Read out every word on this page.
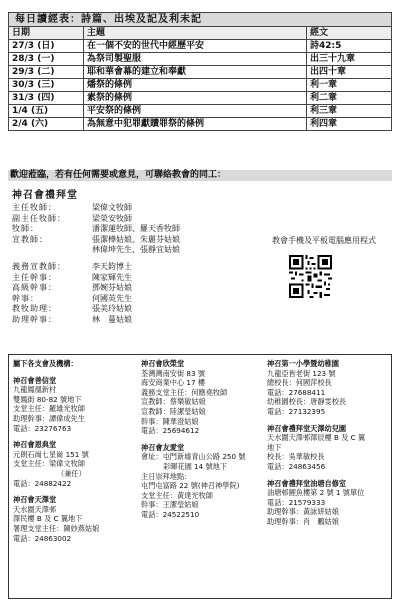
每日讀經表：詩篇、出埃及記及利未記
日期	主題	經文
27/3 (日)	在一個不安的世代中經歷平安	詩42:5
28/3 (一)	為祭司製聖服	出三十九章
29/3 (二)	耶和華會幕的建立和奉獻	出四十章
30/3 (三)	燔祭的條例	利一章
31/3 (四)	素祭的條例	利二章
1/4 (五)	平安祭的條例	利三章
2/4 (六)	為無意中犯罪獻贖罪祭的條例	利四章
歡迎蒞臨，若有任何需要或意見，可聯絡教會的同工：
神召會禮拜堂
主任牧師：	梁偉文牧師
副主任牧師：	梁榮安牧師
牧師：	潘潔蓮牧師、羅天香牧師
宣教師：	張潔樺姑娘、朱麗芬姑娘
林偉坤先生、張靜宜姑娘
義務宣教師：	李天鈞博士
主任幹事：	陳家輝先生
高級幹事：	鄧婉芬姑娘
幹事：	何國英先生
教牧助理：	張美玲姑娘
助理幹事：	林　蔓姑娘
教會手機及平板電腦應用程式
屬下各支會及機構：
神召會善信堂
九龍鳳凰新村
雙鳳街 80-82 號地下
支堂主任：羅雄光牧師
助理幹事：譚偉成先生
電話：23276763
神召會恩典堂
元朗石崗七星崗 151 號
支堂主任：梁偉文牧師
（兼任）
電話：24882422
神召會天澤堂
天水圍天澤邨
澤民樓 B 及 C 翼地下
署理支堂主任：陳妙燕姑娘
電話：24863002
神召會欣榮堂
荃灣灣南安街 83 號
海安商業中心 17 樓
義務支堂主任：何應堯牧師
宣教師：蔡樂敏姑娘
宣教師：陸潔瑩姑娘
幹事：陳華澄姑娘
電話：25694612
神召會友愛堂
會址：屯門新墟青山公路 250 號
彩暉花園 14 號地下
主日崇拜地點：
屯門屯富路 22 號(神召神學院)
支堂主任：黃達光牧師
幹事：王潔瑩姑娘
電話：24522510
神召第一小學暨幼稚園
九龍亞皆老街 123 號
總校長：何國萍校長
電話：27688411
幼稚園校長：唐靜雯校長
電話：27132395
神召會禮拜堂天澤幼兒園
天水圍天澤邨澤辰樓 B 及 C 翼
地下
校長：吳華敏校長
電話：24863456
神召會禮拜堂油塘自修室
油塘邨鯉魚樓第 2 號 1 號單位
電話：21579333
助理幹事：黃詠妍姑娘
助理幹事：肖　鵬姑娘
